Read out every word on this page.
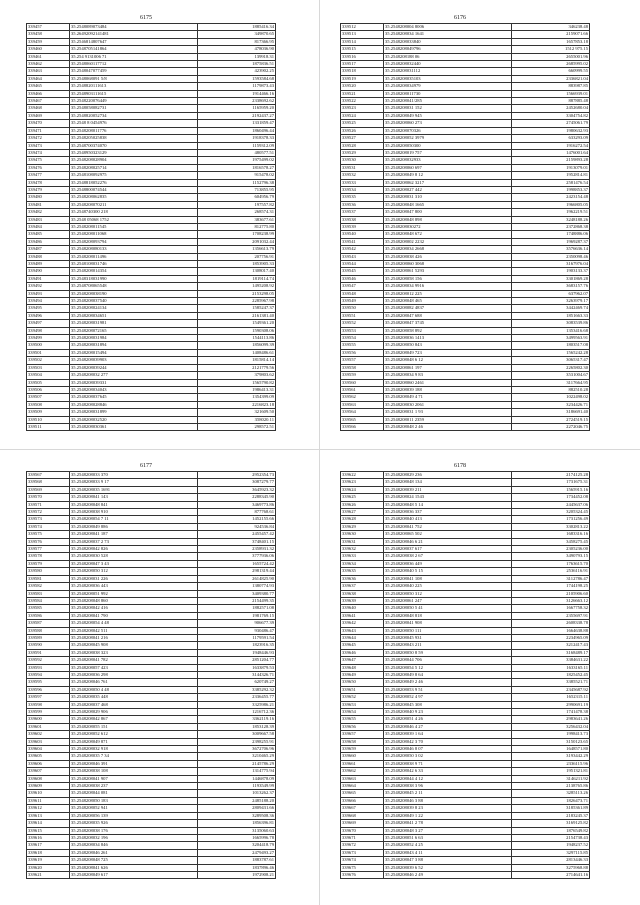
6175
339457	35.2548089073484	1885416.34
339458	35.26492092141481	349870.65
339459	35.2546814807647	817366.95
339460	35.2548705141864	478036.90
339461	35.254 9131006 71	139918.31
339462	35.2548060117712	1875836.51
339463	35.2548047077459	423902.25
339464	35.2548068091 5/8	1593584.68
339465	35.2548820111613	1179873.43
339466	35.2548903111615	1914466.16
339467	35.2548220076449	2338692.62
339468	35.2548058082731	1165959.20
339469	35.2548820052734	2192437.27
339470	35.2548 8 0454976	1331859.47
339471	35.2548208011776	1860496.44
339472	35.2548205025838	1918378.33
339473	35.2548700374070	1159312.09
339474	35.2548950323129	480577.51
339475	35.2548208028904	1975499.02
339476	35.2548208025714	1816578.27
339477	35.2548108092975	915478.02
339478	35.2548818052276	1152796.38
339479	35.2548800074544	713855.95
339480	35.2548208062835	604956.79
339481	35.2548208070211	197557.82
339482	35.2548740300 218	268574.31
339483	35.2548 05068 1752	383677.61
339484	35.2548208011545	812775.80
339485	35.2548208011068	1708238.99
339486	35.2548208093794	2091032.44
339487	35.2548208080133	1356613.79
339488	35.2548208011496	207756.91
339489	35.2548108031746	1853905.33
339490	35.2548208014354	1308017.40
339491	35.2548318031990	1819114.74
339492	35.2548708065548	1495208.92
339493	35.2548208038190	2153298.05
339494	35.2548208037540	2285967.98
339495	35.2548208024134	1585247.37
339496	35.2548208034651	2161381.40
339497	35.2548208031981	1549361.20
339498	35.2548208072165	1590308.06
339499	35.2548208031984	1544113.86
339500	35.2548208031894	1856099.39
339501	35.2548208015494	1408486.61
339502	35.2548208039903	1815814.14
339503	35.2548208039244	2121779.56
339504	35.2548208032 277	379803.62
339505	35.2548208039331	1565790.82
339506	35.2548208034043	1986413.31
339507	35.2548208037645	1354399.09
339508	35.2548208028846	2216823.18
339509	35.2548208031899	321609.50
339510	35.2548208032520	358020.11
339511	35.2548208030361	298572.51
6176
339512	35.2548208004 8006	346238.48
339513	35.2548208034 1641	2159071.66
339514	35.2548208033840	1657853.18
339515	35.2548208049796	1512 975.15
339516	35.2548208188 06	2655001.96
339517	35.2548208032440	2685995.02
339518	35.2548208031112	660999.55
339519	35.2548208035103	2336821.04
339520	35.2548208034979	883987.85
339521	35.2548208011730	1566939.01
339522	35.2548208041/285	887885.48
339523	35.2548208031 152	2452680.04
339524	35.2548208049 945	3304754.82
339525	35.2548208060 273	2745061.79
339526	35.2548208070326	1980632.93
339527	35.2548208052 3979	633293.09
339528	35.2548208050300	1916272.54
339529	35.2548208019 757	1476001.64
339530	35.2548208032933	2159893.28
339531	35.2548208060 697	1913079.01
339532	35.2548208049 8 12	1952814.81
339533	35.2548208062 3217	2581476.54
339534	35.2548208027 442	1998853.37
339535	35.2548208031 310	2423154.48
339536	35.2548208048 1665	1966805.05
339537	35.2548208047 800	1962219.51
339538	35.2548208048 898	3248188.26
339539	35.2548208030272	2372868.38
339540	35.2548208048 672	1748886.06
339541	35.2548208002 2232	1969287.37
339542	35.2548208034 2668	3576636.14
339543	35.2548208038 426	2350098.46
339544	35.2548208060 3068	3167976.04
339545	35.2548208061 5293	1903133.37
339546	35.2548208058 156	3301869.28
339547	35.2548208034 9916	3683157.76
339548	35.2548208012 225	637962.07
339549	35.2548208048 465	3263979.17
339550	35.2548208082 4837	3442469.74
339551	35.2548208047 688	1851663.33
339552	35.2548208047 3745	3083539.86
339553	35.2548208058 892	1353416.68
339554	35.2548208036 1413	3499563.91
339555	35.2548208050 843	1803517.08
339556	35.2548208049 723	1565242.28
339557	35.2548208048 6 12	3065317.47
339558	35.2548208061 197	2265802.30
339559	35.2548208034 9 83	3531004.67
339560	35.2548208060 2461	3117664.95
339561	35.2548208039 188	882510.28
339562	35.2548208049 4 71	1022498.02
339563	35.2548208030 2061	3234426.71
339564	35.2548208031 1 93	3186691.40
339565	35.2548208011 2359	2724519.15
339566	35.2548208048 2 46	2272046.75
6177
339567	35.2548208033 370	2952354.73
339568	35.2548208033 9 17	3087279.77
339569	35.2548208035 1691	3645923.32
339570	35.2548208041 143	2288345.90
339571	35.2548208048 841	3469773.86
339572	35.2548208038 910	877768.61
339573	35.2548208054 7 11	1452155.66
339574	35.2548208049 886	924536.84
339575	35.2548208041 187	2455457.42
339576	35.2548208037 2 73	3748401.15
339577	35.2548208042 826	2358931.32
339578	35.2548208030 528	3777936.06
339579	35.2548208047 3 43	1655724.42
339580	35.2548208050 312	2981319.44
339581	35.2548208031 226	2614825.90
339582	35.2548208036 443	1380774.93
339583	35.2548208051 992	3409380.77
339584	35.2548208048 860	2154499.35
339585	35.2548208042 416	1882571.08
339586	35.2548208041 790	1981769.15
339587	35.2548208054 4 48	906677.39
339588	35.2548208042 511	930486.47
339589	35.2548208041 216	1179591.54
339590	35.2548208045 908	1823916.35
339591	35.2548208038 323	1948446.93
339592	35.2548208041 782	2851204.77
339593	35.2548208057 423	1633879.53
339594	35.2548208036 298	3144326.71
339595	35.2548208046 761	620749.27
339596	35.2548208050 4 48	3385292.32
339597	35.2548208035 448	2336455.77
339598	35.2548208037 468	3325986.21
339599	35.2548208029 906	1216712.36
339600	35.2548208042 867	3362119.16
339601	35.2548208055 151	1853128.39
339602	35.2548208052 612	3009667.58
339603	35.2548208049 871	2398255.91
339604	35.2548208032 918	3672706.96
339605	35.2548208035 7 34	3210465.29
339606	35.2548208046 391	2145786.29
339607	35.2548208038 108	1314775.94
339608	35.2548208041 907	1446878.09
339609	35.2548208038 237	1193549.99
339610	35.2548208044 081	1013262.37
339611	35.2548208050 183	2485188.20
339612	35.2548208052 941	2809431.66
339613	35.2548208056 139	3289508.36
339614	35.2548208035 926	1856396.81
339615	35.2548208038 176	3135060.63
339616	35.2548208032 196	1665996.78
339617	35.2548208034 846	3204418.79
339618	35.2548208046 261	2479493.27
339619	35.2548208048 725	1883787.61
339620	35.2548208041 626	1837896.46
339621	35.2548208049 617	1972908.21
6178
339622	35.2548208029 236	2174125.28
339623	35.2548208048 134	1731675.31
339624	35.2548208039 211	1565915.16
339625	35.2548208024 1543	1734452.08
339626	35.2548208048 5 14	2445637.06
339627	35.2548208036 337	3205324.45
339628	35.2548208040 413	1731256.49
339629	35.2548208041 752	3302813.22
339630	35.2548208065 502	1683316.16
339631	35.2548208046 6 21	3458275.45
339632	35.2548208037 617	2305236.00
339633	35.2548208038 2 67	3490793.15
339634	35.2548208036 449	1763615.70
339635	35.2548208040 5 15	2536116.91
339636	35.2548208041 108	3112786.47
339637	35.2548208040 225	1744198.25
339638	35.2548208050 312	2105906.60
339639	35.2548208061 247	3126663.12
339640	35.2548208050 5 41	1667758.32
339641	35.2548208048 818	2355697.91
339642	35.2548208041 908	2608338.78
339643	35.2548208050 111	1664638.88
339644	35.2548208045 931	2234965.09
339645	35.2548208043 211	3212417.43
339646	35.2548208050 8 59	3168489.17
339647	35.2548208044 706	3384631.22
339648	35.2548208054 5 12	1633165.11
339649	35.2548208049 8 64	1825452.45
339650	35.2548208049 2 46	3385521.71
339651	35.2548208053 9 51	2345687.92
339652	35.2548208052 4 97	1652315.11
339653	35.2548208045 308	2990691.19
339654	35.2548208040 9 23	1741478.38
339655	35.2548208051 4 26	2983641.26
339656	35.2548208046 4 27	3256432.04
339657	35.2548208039 1 64	1998413.73
339658	35.2548208042 3 70	3150123.65
339659	35.2548208046 8 07	1648571.80
339660	35.2548208050 3 02	3193442.29
339661	35.2548208038 9 71	2336115.96
339662	35.2548208042 6 33	1951321.81
339663	35.2548208044 4 12	3146211.92
339664	35.2548208038 3 96	2138765.86
339665	35.2548208045 2 11	3285113.26
339666	35.2548208046 3 88	1826473.71
339667	35.2548208039 8 23	3185361.89
339668	35.2548208049 1 22	2183245.37
339669	35.2548208041 2 78	3169125.82
339670	35.2548208048 3 27	1876549.82
339671	35.2548208051 6 63	2154738.43
339672	35.2548208052 4 25	1948237.52
339673	35.2548208043 4 11	3297115.85
339674	35.2548208047 3 88	2813446.33
339675	35.2548208039 6 52	3275968.88
339676	35.2548208046 2 49	2714641.16
